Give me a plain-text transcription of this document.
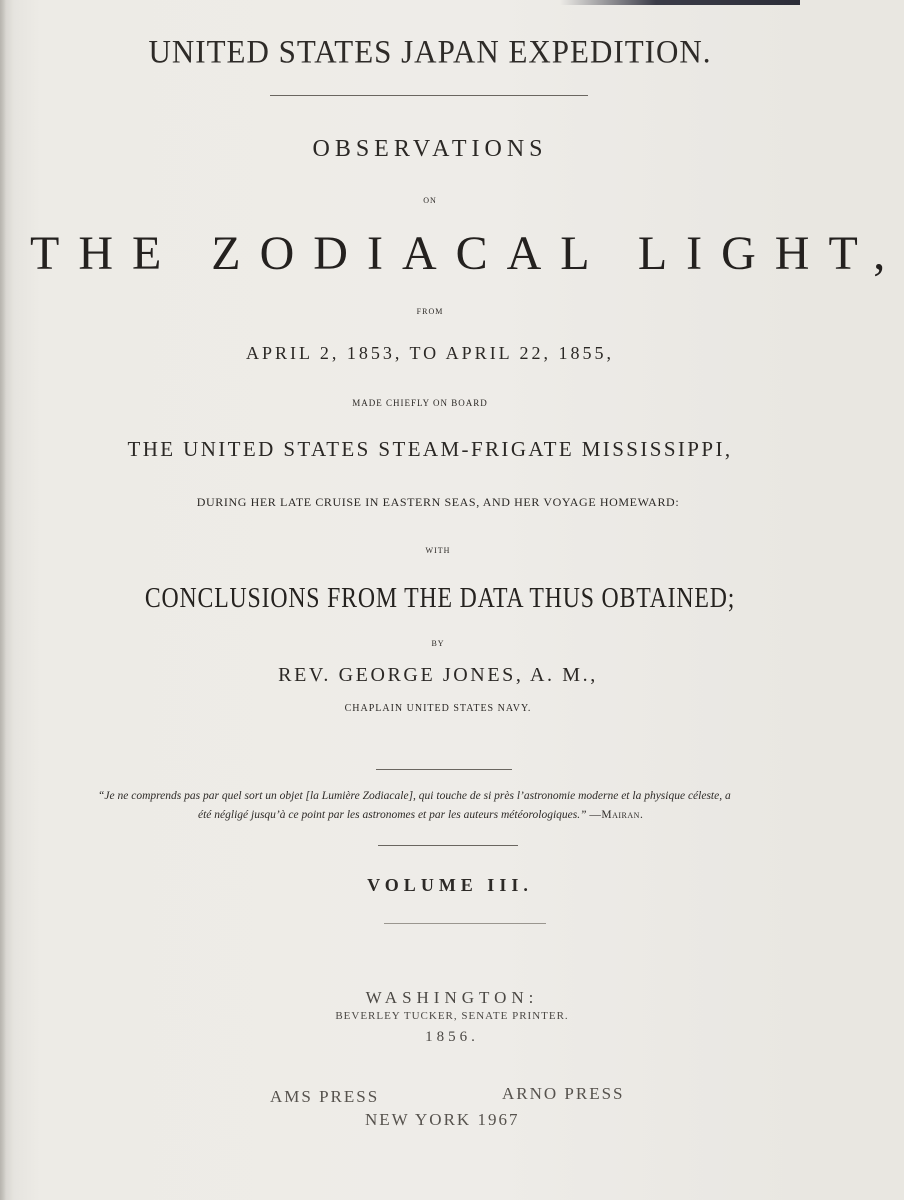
UNITED STATES JAPAN EXPEDITION.
OBSERVATIONS
ON
THE ZODIACAL LIGHT,
FROM
APRIL 2, 1853, TO APRIL 22, 1855,
MADE CHIEFLY ON BOARD
THE UNITED STATES STEAM-FRIGATE MISSISSIPPI,
DURING HER LATE CRUISE IN EASTERN SEAS, AND HER VOYAGE HOMEWARD:
WITH
CONCLUSIONS FROM THE DATA THUS OBTAINED;
BY
REV. GEORGE JONES, A. M.,
CHAPLAIN UNITED STATES NAVY.
“Je ne comprends pas par quel sort un objet [la Lumière Zodiacale], qui touche de si près l’astronomie moderne et la physique céleste, a
été négligé jusqu’à ce point par les astronomes et par les auteurs météorologiques.” —Mairan.
VOLUME III.
WASHINGTON:
BEVERLEY TUCKER, SENATE PRINTER.
1856.
AMS PRESS	ARNO PRESS
NEW YORK 1967
